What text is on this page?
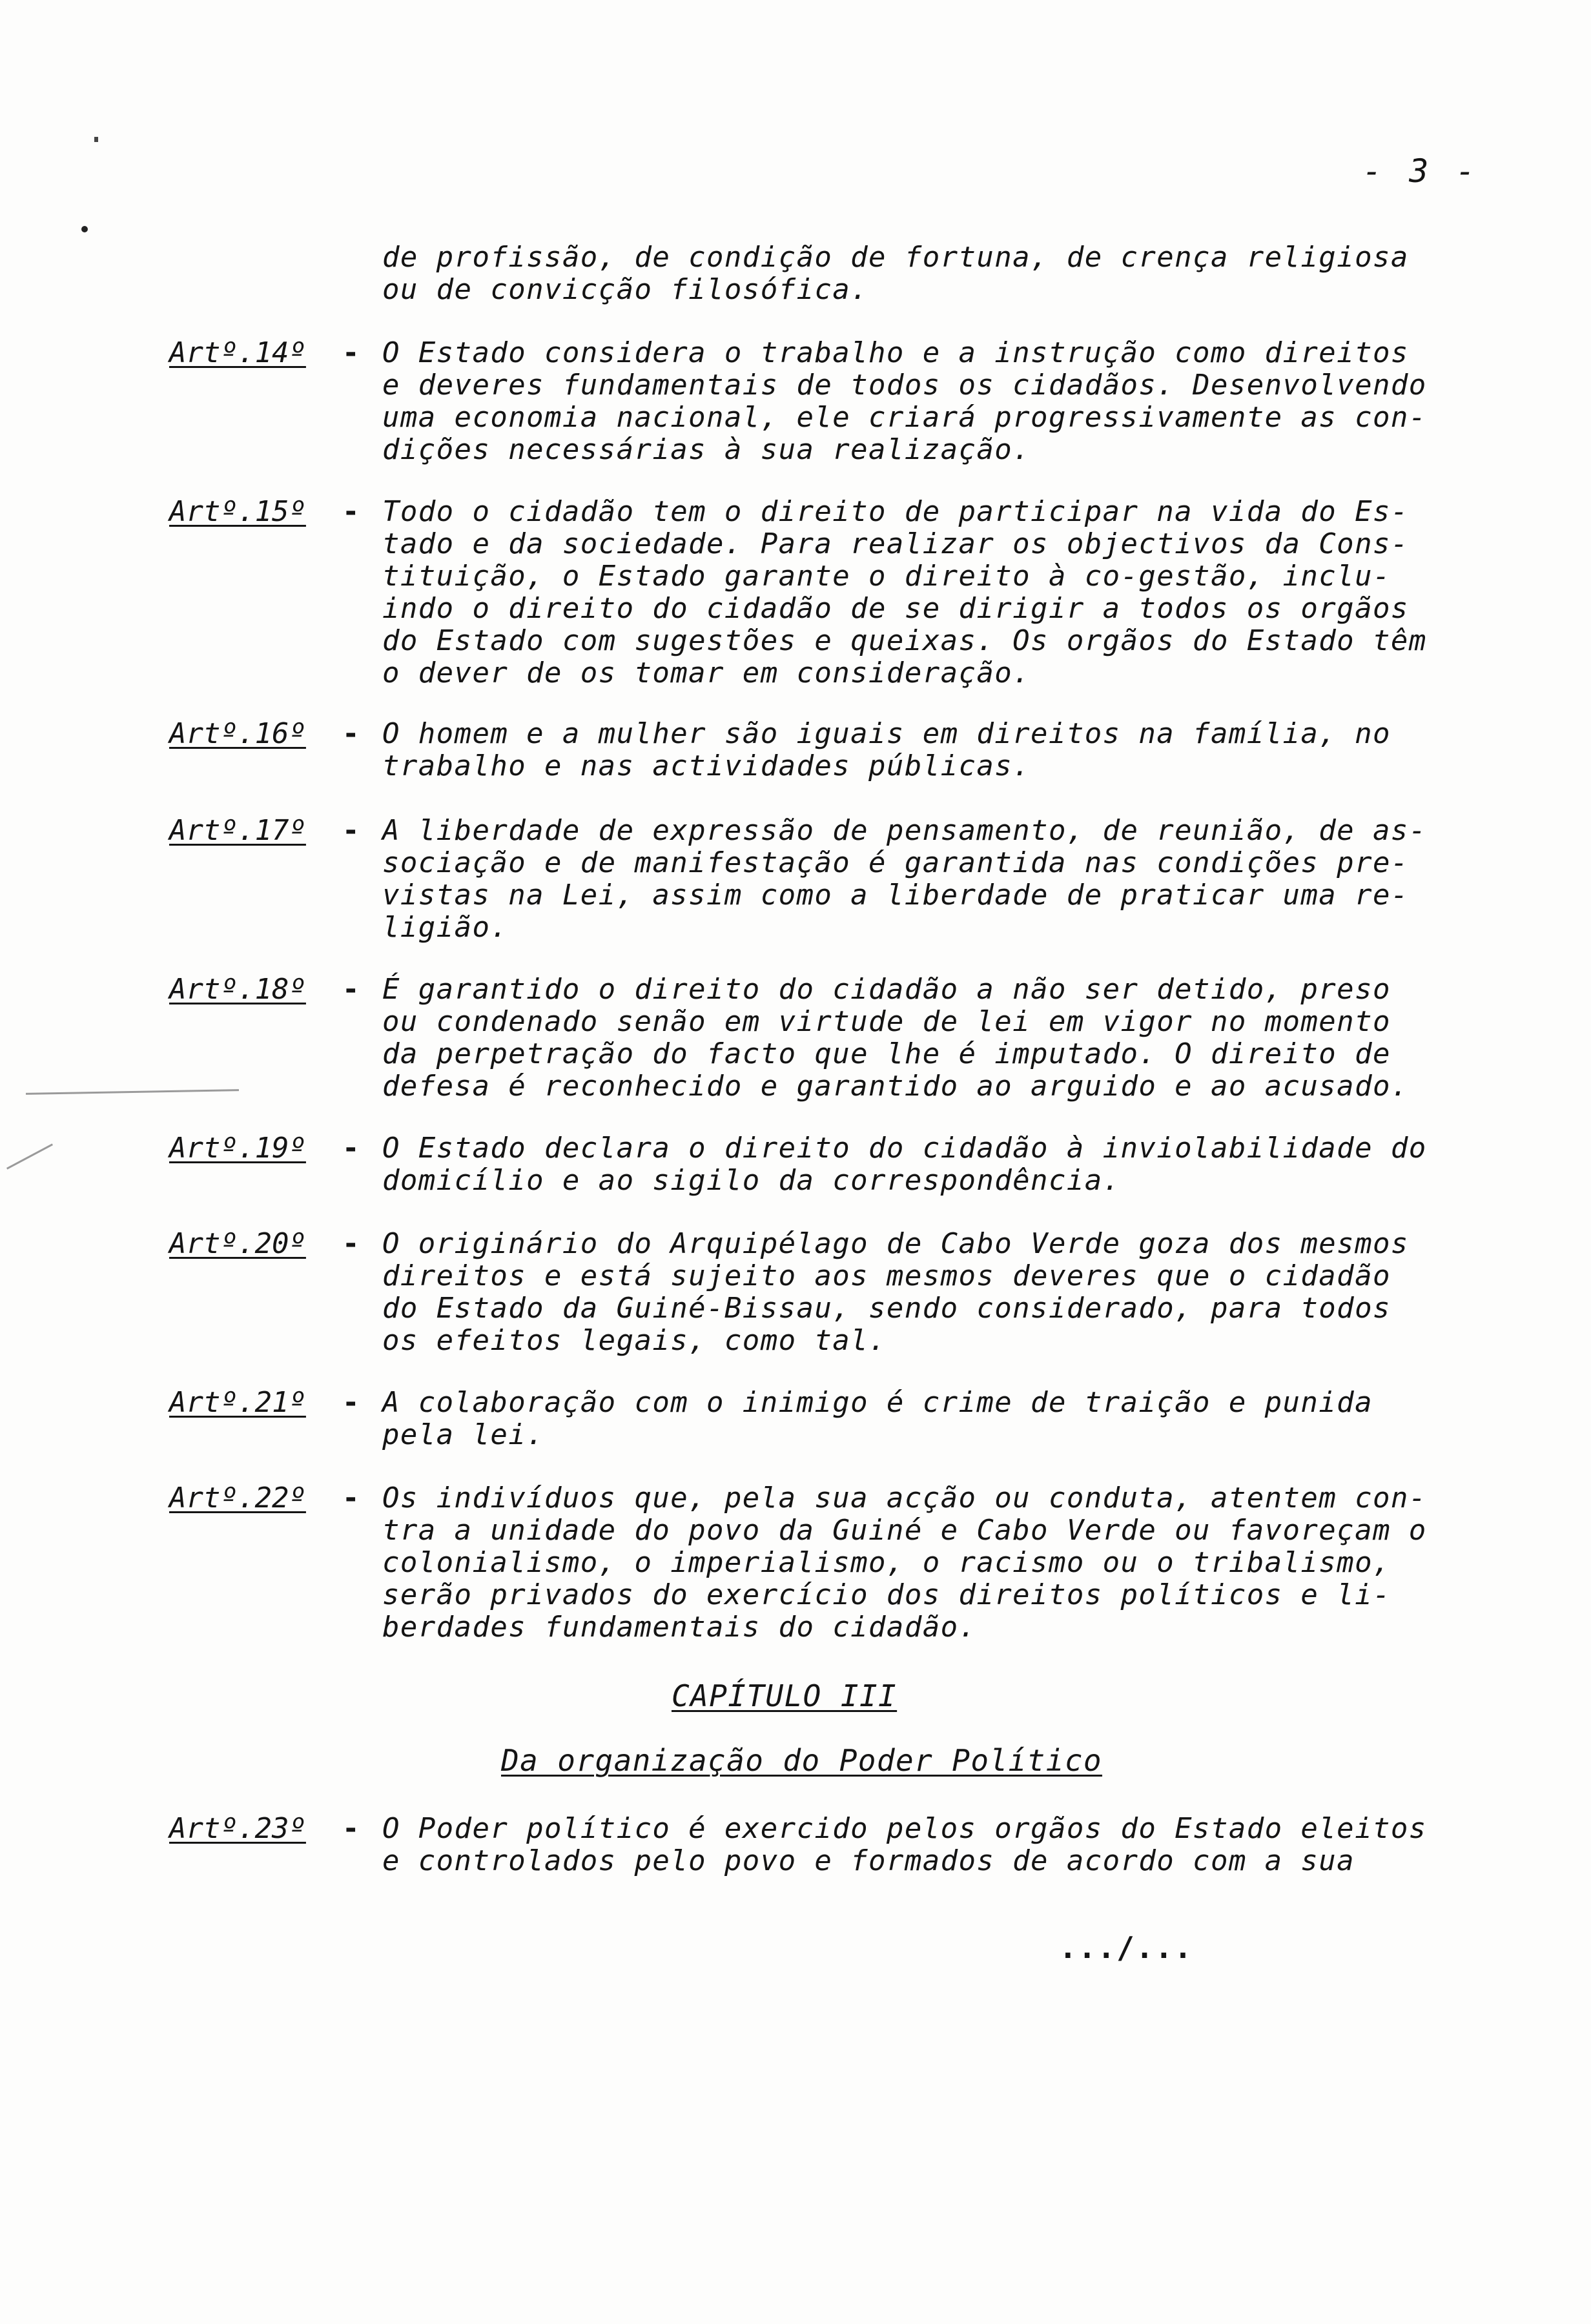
- 3 -
de profissão, de condição de fortuna, de crença religiosa
ou de convicção filosófica.
Artº.14º	- O Estado considera o trabalho e a instrução como direitos
e deveres fundamentais de todos os cidadãos. Desenvolvendo
uma economia nacional, ele criará progressivamente as con-
dições necessárias à sua realização.
Artº.15º	- Todo o cidadão tem o direito de participar na vida do Es-
tado e da sociedade. Para realizar os objectivos da Cons-
tituição, o Estado garante o direito à co-gestão, inclu-
indo o direito do cidadão de se dirigir a todos os orgãos
do Estado com sugestões e queixas. Os orgãos do Estado têm
o dever de os tomar em consideração.
Artº.16º	- O homem e a mulher são iguais em direitos na família, no
trabalho e nas actividades públicas.
Artº.17º	- A liberdade de expressão de pensamento, de reunião, de as-
sociação e de manifestação é garantida nas condições pre-
vistas na Lei, assim como a liberdade de praticar uma re-
ligião.
Artº.18º	- É garantido o direito do cidadão a não ser detido, preso
ou condenado senão em virtude de lei em vigor no momento
da perpetração do facto que lhe é imputado. O direito de
defesa é reconhecido e garantido ao arguido e ao acusado.
Artº.19º	- O Estado declara o direito do cidadão à inviolabilidade do
domicílio e ao sigilo da correspondência.
Artº.20º	- O originário do Arquipélago de Cabo Verde goza dos mesmos
direitos e está sujeito aos mesmos deveres que o cidadão
do Estado da Guiné-Bissau, sendo considerado, para todos
os efeitos legais, como tal.
Artº.21º	- A colaboração com o inimigo é crime de traição e punida
pela lei.
Artº.22º	- Os indivíduos que, pela sua acção ou conduta, atentem con-
tra a unidade do povo da Guiné e Cabo Verde ou favoreçam o
colonialismo, o imperialismo, o racismo ou o tribalismo,
serão privados do exercício dos direitos políticos e li-
berdades fundamentais do cidadão.
CAPÍTULO III
Da organização do Poder Político
Artº.23º	- O Poder político é exercido pelos orgãos do Estado eleitos
e controlados pelo povo e formados de acordo com a sua
.../...
